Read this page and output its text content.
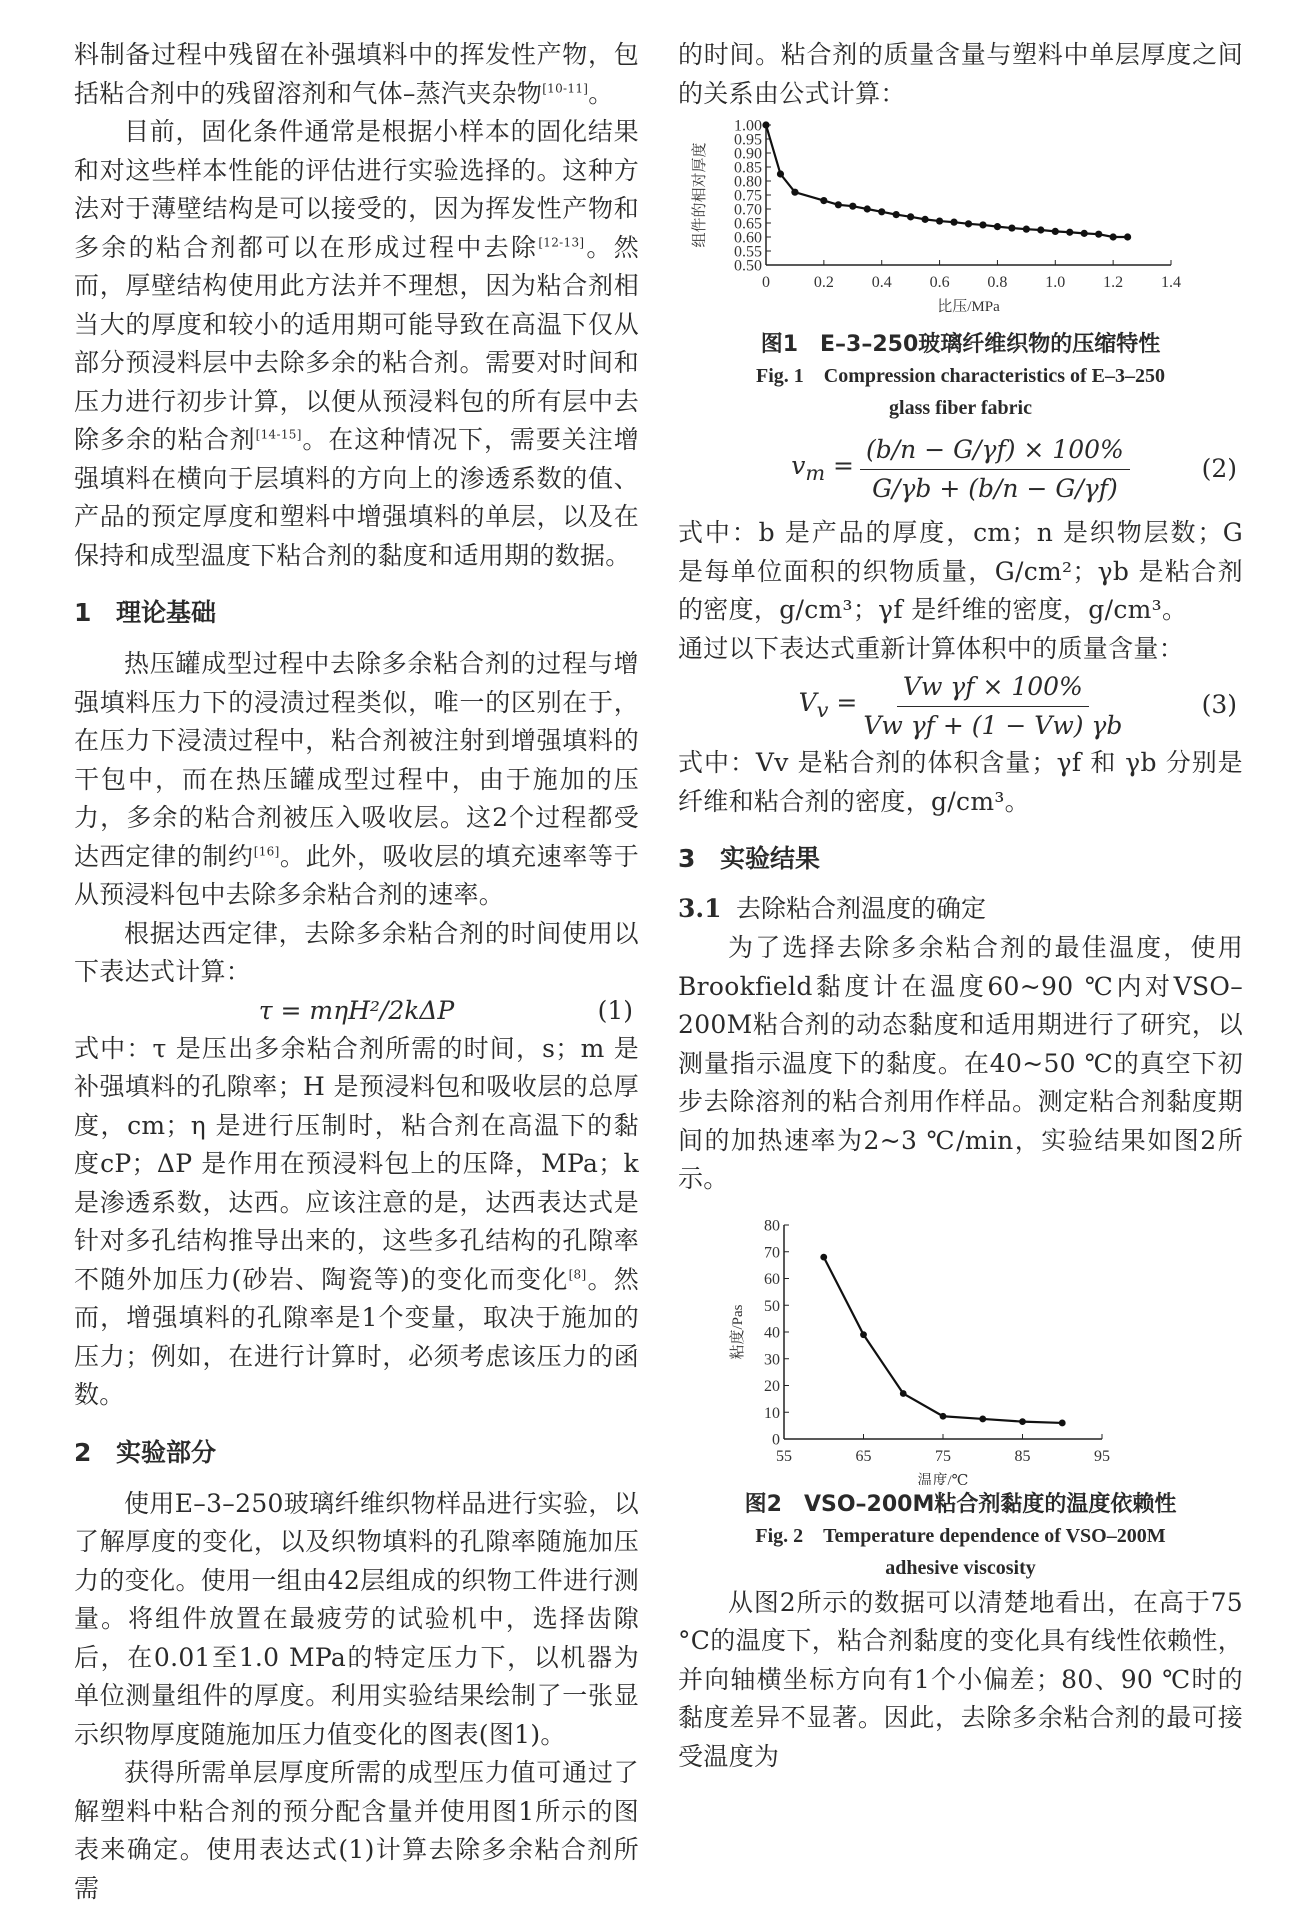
料制备过程中残留在补强填料中的挥发性产物，包括粘合剂中的残留溶剂和气体–蒸汽夹杂物[10-11]。

目前，固化条件通常是根据小样本的固化结果和对这些样本性能的评估进行实验选择的。这种方法对于薄壁结构是可以接受的，因为挥发性产物和多余的粘合剂都可以在形成过程中去除[12-13]。然而，厚壁结构使用此方法并不理想，因为粘合剂相当大的厚度和较小的适用期可能导致在高温下仅从部分预浸料层中去除多余的粘合剂。需要对时间和压力进行初步计算，以便从预浸料包的所有层中去除多余的粘合剂[14-15]。在这种情况下，需要关注增强填料在横向于层填料的方向上的渗透系数的值、产品的预定厚度和塑料中增强填料的单层，以及在保持和成型温度下粘合剂的黏度和适用期的数据。

1 理论基础

热压罐成型过程中去除多余粘合剂的过程与增强填料压力下的浸渍过程类似，唯一的区别在于，在压力下浸渍过程中，粘合剂被注射到增强填料的干包中，而在热压罐成型过程中，由于施加的压力，多余的粘合剂被压入吸收层。这2个过程都受达西定律的制约[16]。此外，吸收层的填充速率等于从预浸料包中去除多余粘合剂的速率。

根据达西定律，去除多余粘合剂的时间使用以下表达式计算：

τ = mηH²/2kΔP	(1)

式中：τ 是压出多余粘合剂所需的时间，s；m 是补强填料的孔隙率；H 是预浸料包和吸收层的总厚度，cm；η 是进行压制时，粘合剂在高温下的黏度cP；ΔP 是作用在预浸料包上的压降，MPa；k 是渗透系数，达西。应该注意的是，达西表达式是针对多孔结构推导出来的，这些多孔结构的孔隙率不随外加压力(砂岩、陶瓷等)的变化而变化[8]。然而，增强填料的孔隙率是1个变量，取决于施加的压力；例如，在进行计算时，必须考虑该压力的函数。

2 实验部分

使用E–3–250玻璃纤维织物样品进行实验，以了解厚度的变化，以及织物填料的孔隙率随施加压力的变化。使用一组由42层组成的织物工件进行测量。将组件放置在最疲劳的试验机中，选择齿隙后，在0.01至1.0 MPa的特定压力下，以机器为单位测量组件的厚度。利用实验结果绘制了一张显示织物厚度随施加压力值变化的图表(图1)。

获得所需单层厚度所需的成型压力值可通过了解塑料中粘合剂的预分配含量并使用图1所示的图表来确定。使用表达式(1)计算去除多余粘合剂所需

的时间。粘合剂的质量含量与塑料中单层厚度之间的关系由公式计算：

0.50
0.55
0.60
0.65
0.70
0.75
0.80
0.85
0.90
0.95
1.00
0	0.2 0.4 0.6 0.8 1.0 1.2 1.4
比压/MPa
组件的相对厚度
图1　E–3–250玻璃纤维织物的压缩特性
Fig. 1　Compression characteristics of E–3–250
glass fiber fabric
$v_m = \frac{(b/n - G/\gamma f) \times 100\%}{G/\gamma b + (b/n - G/\gamma f)}$	(2)

式中：b 是产品的厚度，cm；n 是织物层数；G 是每单位面积的织物质量，G/cm²；γb 是粘合剂的密度，g/cm³；γf 是纤维的密度，g/cm³。

通过以下表达式重新计算体积中的质量含量：

$V_v = \frac{\text{Vw γf × 100\%}}{\text{Vw γf + (1 − Vw) γb}}$	(3)

式中：Vv 是粘合剂的体积含量；γf 和 γb 分别是纤维和粘合剂的密度，g/cm³。

3 实验结果
3.1 去除粘合剂温度的确定

为了选择去除多余粘合剂的最佳温度，使用Brookfield黏度计在温度60~90 ℃内对VSO–200M粘合剂的动态黏度和适用期进行了研究，以测量指示温度下的黏度。在40~50 ℃的真空下初步去除溶剂的粘合剂用作样品。测定粘合剂黏度期间的加热速率为2~3 ℃/min，实验结果如图2所示。

0
10
20
30
40
50
60
70
80
55	65	75	85	95
温度/℃
粘度/Pas
图2　VSO–200M粘合剂黏度的温度依赖性
Fig. 2　Temperature dependence of VSO–200M
adhesive viscosity

从图2所示的数据可以清楚地看出，在高于75 °C的温度下，粘合剂黏度的变化具有线性依赖性，并向轴横坐标方向有1个小偏差；80、90 ℃时的黏度差异不显著。因此，去除多余粘合剂的最可接受温度为
